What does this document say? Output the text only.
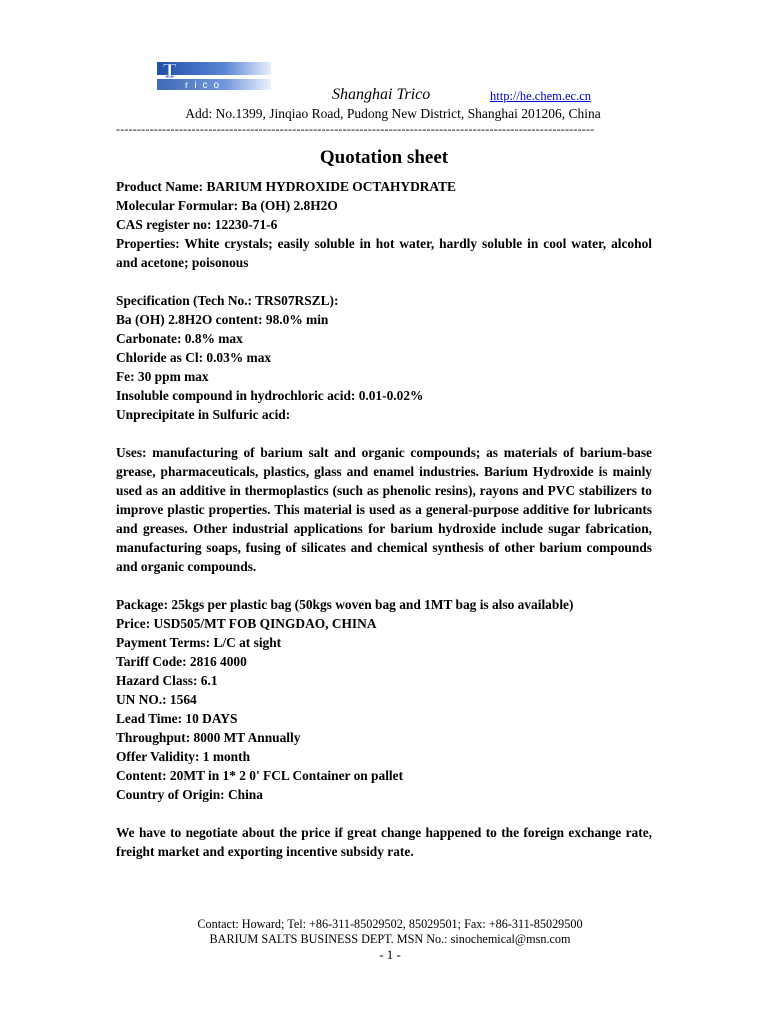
T
rico
Shanghai Trico	http://he.chem.ec.cn
Add: No.1399, Jinqiao Road, Pudong New District, Shanghai 201206, China
------------------------------------------------------------------------------------------------------------------
Quotation sheet

Product Name: BARIUM HYDROXIDE OCTAHYDRATE

Molecular Formular: Ba (OH) 2.8H2O

CAS register no: 12230-71-6

Properties: White crystals; easily soluble in hot water, hardly soluble in cool water, alcohol and acetone; poisonous

Specification (Tech No.: TRS07RSZL):

Ba (OH) 2.8H2O content: 98.0% min

Carbonate: 0.8% max

Chloride as Cl: 0.03% max

Fe: 30 ppm max

Insoluble compound in hydrochloric acid: 0.01-0.02%

Unprecipitate in Sulfuric acid:

Uses: manufacturing of barium salt and organic compounds; as materials of barium-base grease, pharmaceuticals, plastics, glass and enamel industries. Barium Hydroxide is mainly used as an additive in thermoplastics (such as phenolic resins), rayons and PVC stabilizers to improve plastic properties. This material is used as a general-purpose additive for lubricants and greases. Other industrial applications for barium hydroxide include sugar fabrication, manufacturing soaps, fusing of silicates and chemical synthesis of other barium compounds and organic compounds.

Package: 25kgs per plastic bag (50kgs woven bag and 1MT bag is also available)

Price: USD505/MT FOB QINGDAO, CHINA

Payment Terms: L/C at sight

Tariff Code: 2816 4000

Hazard Class: 6.1

UN NO.: 1564

Lead Time: 10 DAYS

Throughput: 8000 MT Annually

Offer Validity: 1 month

Content: 20MT in 1* 2 0' FCL Container on pallet

Country of Origin: China

We have to negotiate about the price if great change happened to the foreign exchange rate, freight market and exporting incentive subsidy rate.

Contact: Howard; Tel: +86-311-85029502, 85029501; Fax: +86-311-85029500
BARIUM SALTS BUSINESS DEPT. MSN No.: sinochemical@msn.com
- 1 -
